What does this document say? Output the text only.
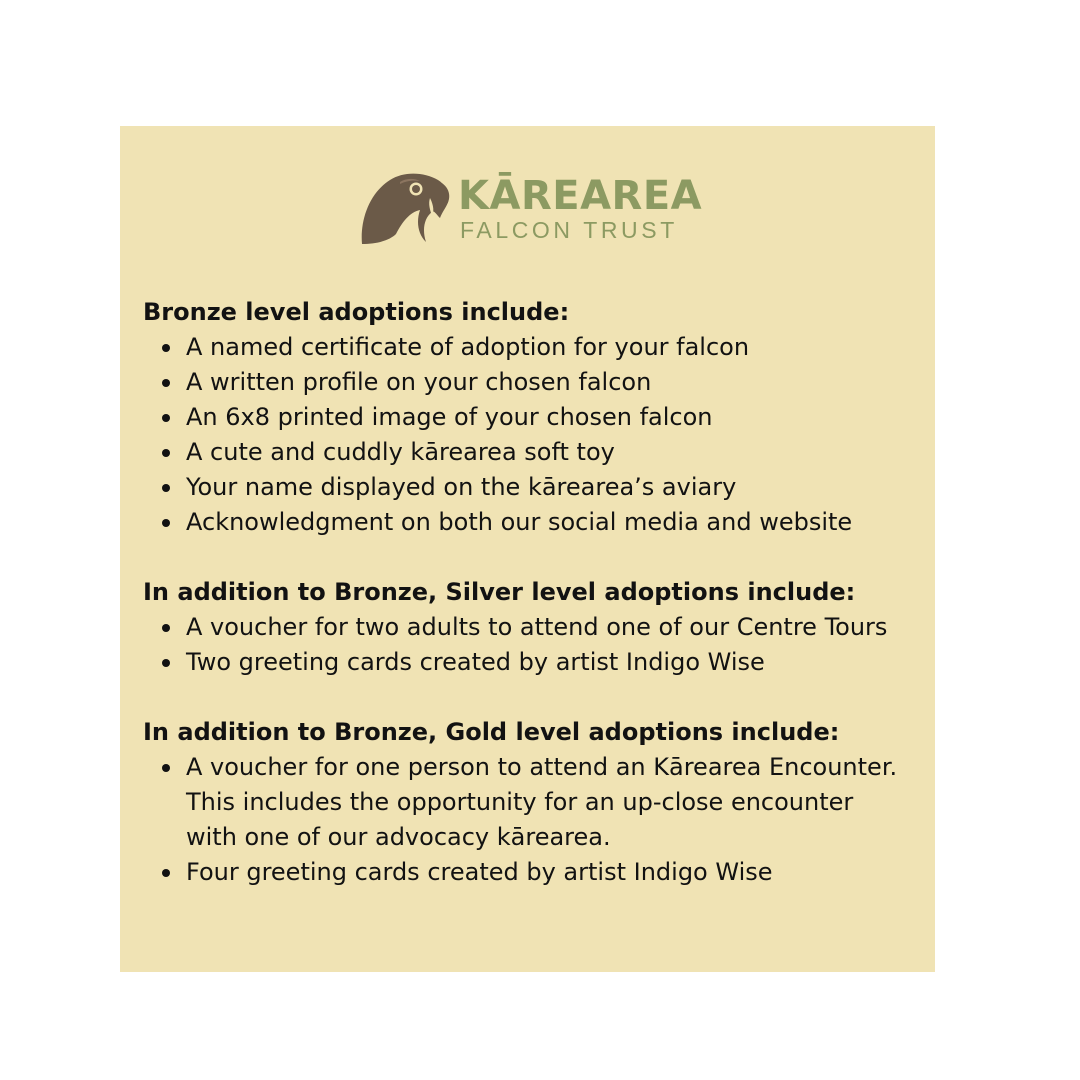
KĀREAREA
FALCON TRUST

Bronze level adoptions include:

A named certificate of adoption for your falcon
A written profile on your chosen falcon
An 6x8 printed image of your chosen falcon
A cute and cuddly kārearea soft toy
Your name displayed on the kārearea’s aviary
Acknowledgment on both our social media and website

In addition to Bronze, Silver level adoptions include:

A voucher for two adults to attend one of our Centre Tours
Two greeting cards created by artist Indigo Wise

In addition to Bronze, Gold level adoptions include:

A voucher for one person to attend an Kārearea Encounter.
This includes the opportunity for an up-close encounter
with one of our advocacy kārearea.
Four greeting cards created by artist Indigo Wise
